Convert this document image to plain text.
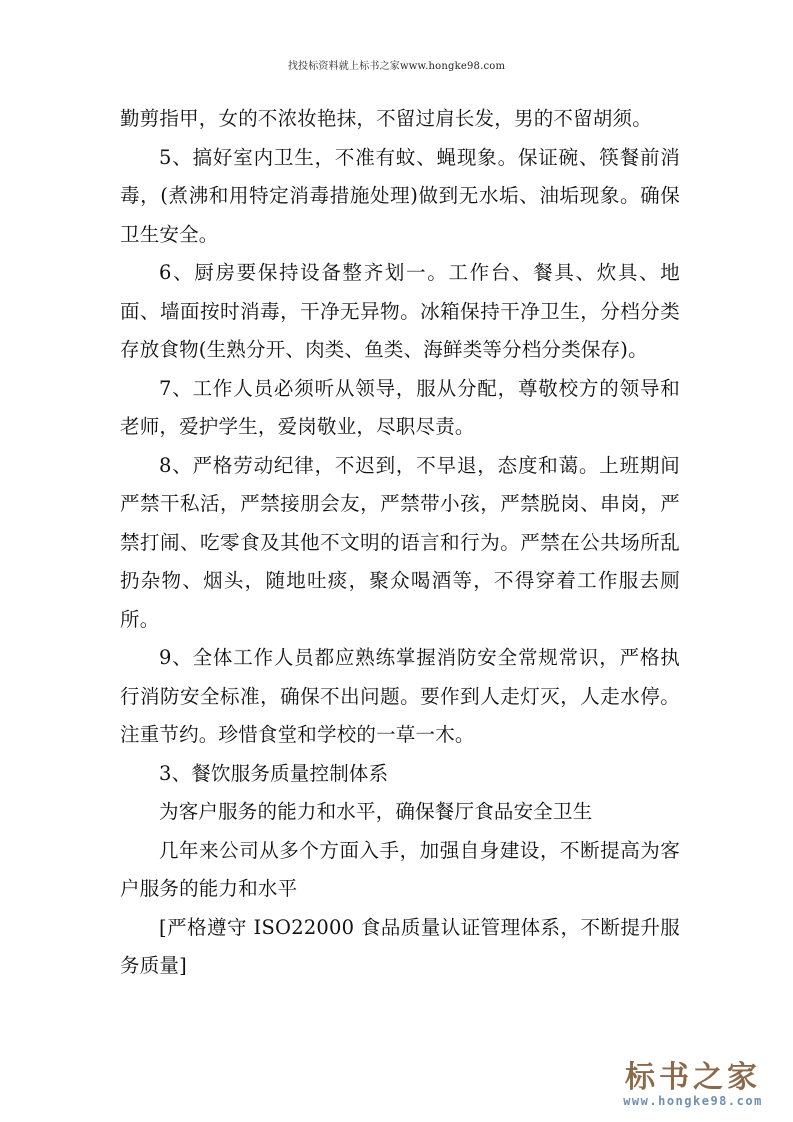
找投标资料就上标书之家www.hongke98.com

勤剪指甲，女的不浓妆艳抹，不留过肩长发，男的不留胡须。

5、搞好室内卫生，不准有蚊、蝇现象。保证碗、筷餐前消毒，(煮沸和用特定消毒措施处理)做到无水垢、油垢现象。确保卫生安全。

6、厨房要保持设备整齐划一。工作台、餐具、炊具、地面、墙面按时消毒，干净无异物。冰箱保持干净卫生，分档分类存放食物(生熟分开、肉类、鱼类、海鲜类等分档分类保存)。

7、工作人员必须听从领导，服从分配，尊敬校方的领导和老师，爱护学生，爱岗敬业，尽职尽责。

8、严格劳动纪律，不迟到，不早退，态度和蔼。上班期间严禁干私活，严禁接朋会友，严禁带小孩，严禁脱岗、串岗，严禁打闹、吃零食及其他不文明的语言和行为。严禁在公共场所乱扔杂物、烟头，随地吐痰，聚众喝酒等，不得穿着工作服去厕所。

9、全体工作人员都应熟练掌握消防安全常规常识，严格执行消防安全标准，确保不出问题。要作到人走灯灭，人走水停。注重节约。珍惜食堂和学校的一草一木。

3、餐饮服务质量控制体系

为客户服务的能力和水平，确保餐厅食品安全卫生

几年来公司从多个方面入手，加强自身建设，不断提高为客户服务的能力和水平

[严格遵守 ISO22000 食品质量认证管理体系，不断提升服务质量]

标书之家
www.hongke98.com
